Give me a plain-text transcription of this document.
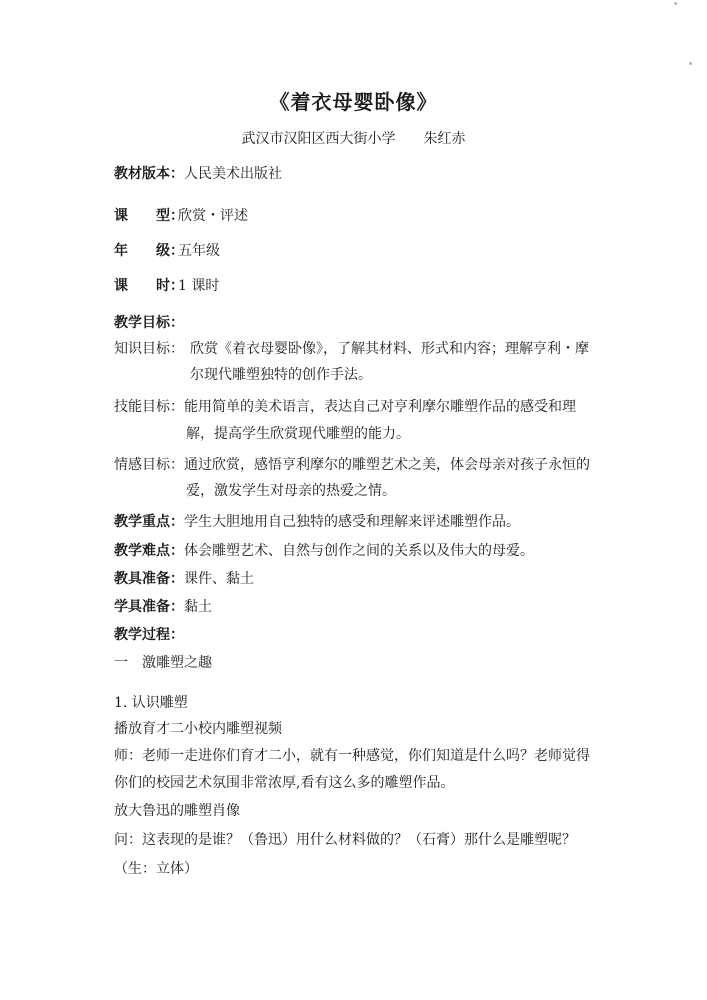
《着衣母婴卧像》
武汉市汉阳区西大街小学 朱红赤
教材版本：人民美术出版社
课 型：欣赏・评述
年 级：五年级
课 时：1 课时
教学目标：
知识目标： 欣赏《着衣母婴卧像》，了解其材料、形式和内容；理解亨利・摩
尔现代雕塑独特的创作手法。
技能目标：能用简单的美术语言，表达自己对亨利摩尔雕塑作品的感受和理
解，提高学生欣赏现代雕塑的能力。
情感目标：通过欣赏，感悟亨利摩尔的雕塑艺术之美，体会母亲对孩子永恒的
爱，激发学生对母亲的热爱之情。
教学重点：学生大胆地用自己独特的感受和理解来评述雕塑作品。
教学难点：体会雕塑艺术、自然与创作之间的关系以及伟大的母爱。
教具准备：课件、黏土
学具准备：黏土
教学过程：
一　激雕塑之趣
1. 认识雕塑
播放育才二小校内雕塑视频
师：老师一走进你们育才二小，就有一种感觉，你们知道是什么吗？老师觉得
你们的校园艺术氛围非常浓厚,看有这么多的雕塑作品。
放大鲁迅的雕塑肖像
问：这表现的是谁？（鲁迅）用什么材料做的？（石膏）那什么是雕塑呢？
（生：立体）
